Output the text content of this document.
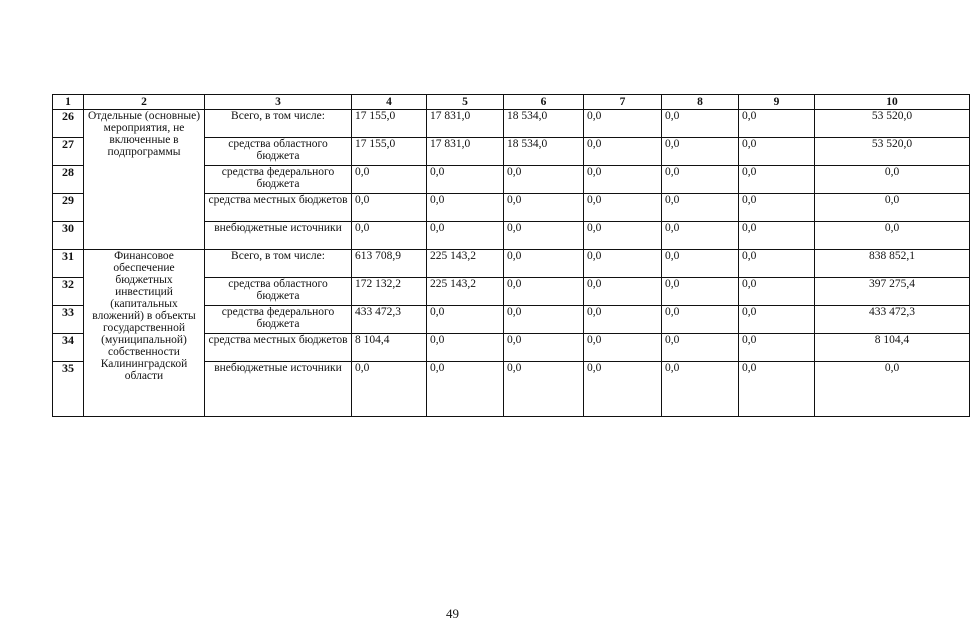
1	2	3	4	5	6	7	8	9	10
26	Отдельные (основные) мероприятия, не включенные в подпрограммы	Всего, в том числе:	17 155,0	17 831,0	18 534,0	0,0	0,0	0,0	53 520,0
27		средства областного бюджета	17 155,0	17 831,0	18 534,0	0,0	0,0	0,0	53 520,0
28		средства федерального бюджета	0,0	0,0	0,0	0,0	0,0	0,0	0,0
29		средства местных бюджетов	0,0	0,0	0,0	0,0	0,0	0,0	0,0
30		внебюджетные источники	0,0	0,0	0,0	0,0	0,0	0,0	0,0
31	Финансовое обеспечение бюджетных инвестиций (капитальных вложений) в объекты государственной (муниципальной) собственности Калининградской области	Всего, в том числе:	613 708,9	225 143,2	0,0	0,0	0,0	0,0	838 852,1
32		средства областного бюджета	172 132,2	225 143,2	0,0	0,0	0,0	0,0	397 275,4
33		средства федерального бюджета	433 472,3	0,0	0,0	0,0	0,0	0,0	433 472,3
34		средства местных бюджетов	8 104,4	0,0	0,0	0,0	0,0	0,0	8 104,4
35		внебюджетные источники	0,0	0,0	0,0	0,0	0,0	0,0	0,0
49
